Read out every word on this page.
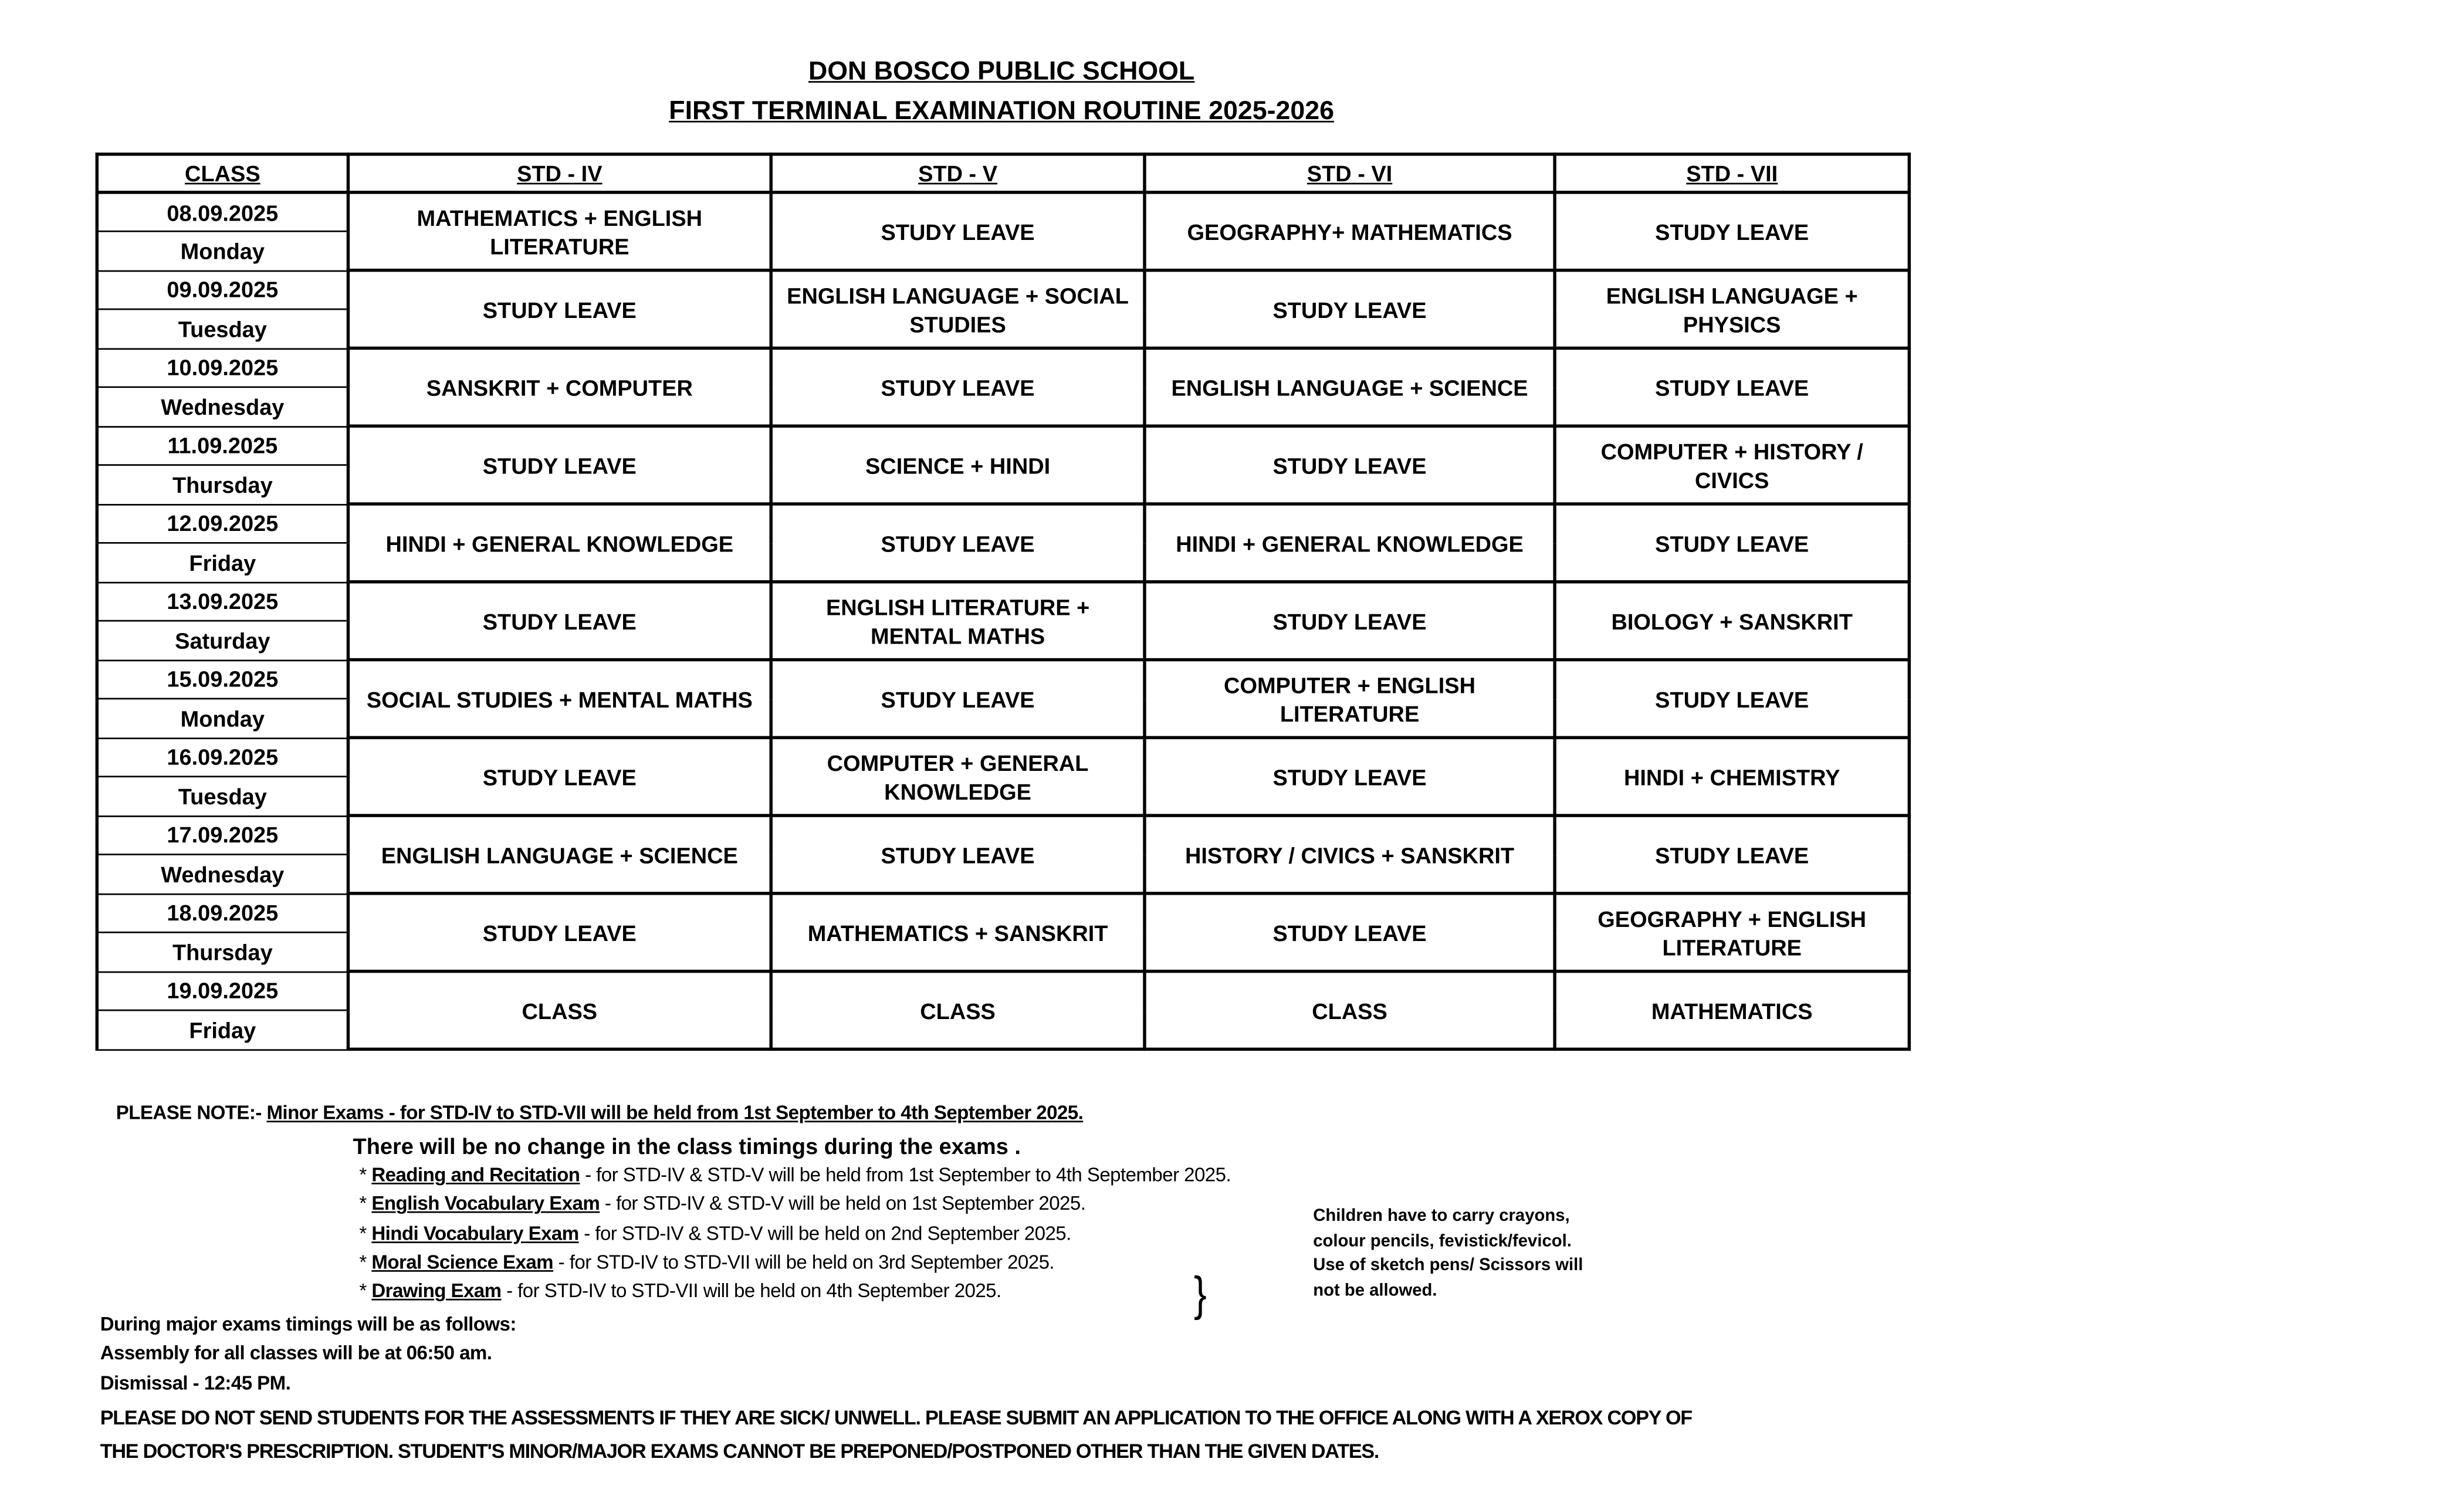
DON BOSCO PUBLIC SCHOOL
FIRST TERMINAL EXAMINATION ROUTINE 2025-2026
CLASS	STD - IV	STD - V	STD - VI	STD - VII
08.09.2025	MATHEMATICS + ENGLISH LITERATURE	STUDY LEAVE	GEOGRAPHY+ MATHEMATICS	STUDY LEAVE
Monday				
09.09.2025	STUDY LEAVE	ENGLISH LANGUAGE + SOCIAL STUDIES	STUDY LEAVE	ENGLISH LANGUAGE + PHYSICS
Tuesday				
10.09.2025	SANSKRIT + COMPUTER	STUDY LEAVE	ENGLISH LANGUAGE + SCIENCE	STUDY LEAVE
Wednesday				
11.09.2025	STUDY LEAVE	SCIENCE + HINDI	STUDY LEAVE	COMPUTER + HISTORY / CIVICS
Thursday				
12.09.2025	HINDI + GENERAL KNOWLEDGE	STUDY LEAVE	HINDI + GENERAL KNOWLEDGE	STUDY LEAVE
Friday				
13.09.2025	STUDY LEAVE	ENGLISH LITERATURE + MENTAL MATHS	STUDY LEAVE	BIOLOGY + SANSKRIT
Saturday				
15.09.2025	SOCIAL STUDIES + MENTAL MATHS	STUDY LEAVE	COMPUTER + ENGLISH LITERATURE	STUDY LEAVE
Monday				
16.09.2025	STUDY LEAVE	COMPUTER + GENERAL KNOWLEDGE	STUDY LEAVE	HINDI + CHEMISTRY
Tuesday				
17.09.2025	ENGLISH LANGUAGE + SCIENCE	STUDY LEAVE	HISTORY / CIVICS + SANSKRIT	STUDY LEAVE
Wednesday				
18.09.2025	STUDY LEAVE	MATHEMATICS + SANSKRIT	STUDY LEAVE	GEOGRAPHY + ENGLISH LITERATURE
Thursday				
19.09.2025	CLASS	CLASS	CLASS	MATHEMATICS
Friday				
PLEASE NOTE:- Minor Exams - for STD-IV to STD-VII will be held from 1st September to 4th September 2025.
There will be no change in the class timings during the exams .
* Reading and Recitation - for STD-IV & STD-V will be held from 1st September to 4th September 2025.
* English Vocabulary Exam - for STD-IV & STD-V will be held on 1st September 2025.
* Hindi Vocabulary Exam - for STD-IV & STD-V will be held on 2nd September 2025.
* Moral Science Exam - for STD-IV to STD-VII will be held on 3rd September 2025.
* Drawing Exam - for STD-IV to STD-VII will be held on 4th September 2025.	}
Children have to carry crayons, colour pencils, fevistick/fevicol. Use of sketch pens/ Scissors will not be allowed.
During major exams timings will be as follows:
Assembly for all classes will be at 06:50 am.
Dismissal - 12:45 PM.
PLEASE DO NOT SEND STUDENTS FOR THE ASSESSMENTS IF THEY ARE SICK/ UNWELL. PLEASE SUBMIT AN APPLICATION TO THE OFFICE ALONG WITH A XEROX COPY OF
THE DOCTOR'S PRESCRIPTION. STUDENT'S MINOR/MAJOR EXAMS CANNOT BE PREPONED/POSTPONED OTHER THAN THE GIVEN DATES.
